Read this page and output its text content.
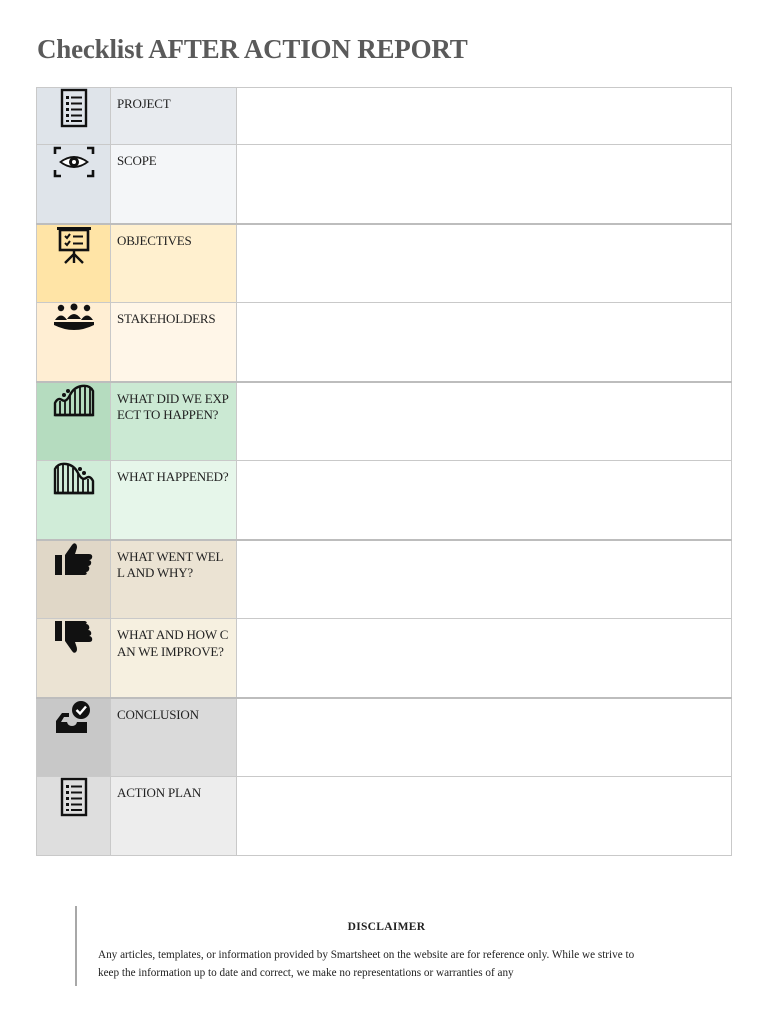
Checklist AFTER ACTION REPORT
	PROJECT	

	SCOPE	

	OBJECTIVES	

	STAKEHOLDERS	

	WHAT DID WE EXPECT TO HAPPEN?	

	WHAT HAPPENED?	

	WHAT WENT WELL AND WHY?	

	WHAT AND HOW CAN WE IMPROVE?	

	CONCLUSION	

	ACTION PLAN	
DISCLAIMER
Any articles, templates, or information provided by Smartsheet on the website are for reference only. While we strive to keep the information up to date and correct, we make no representations or warranties of any
